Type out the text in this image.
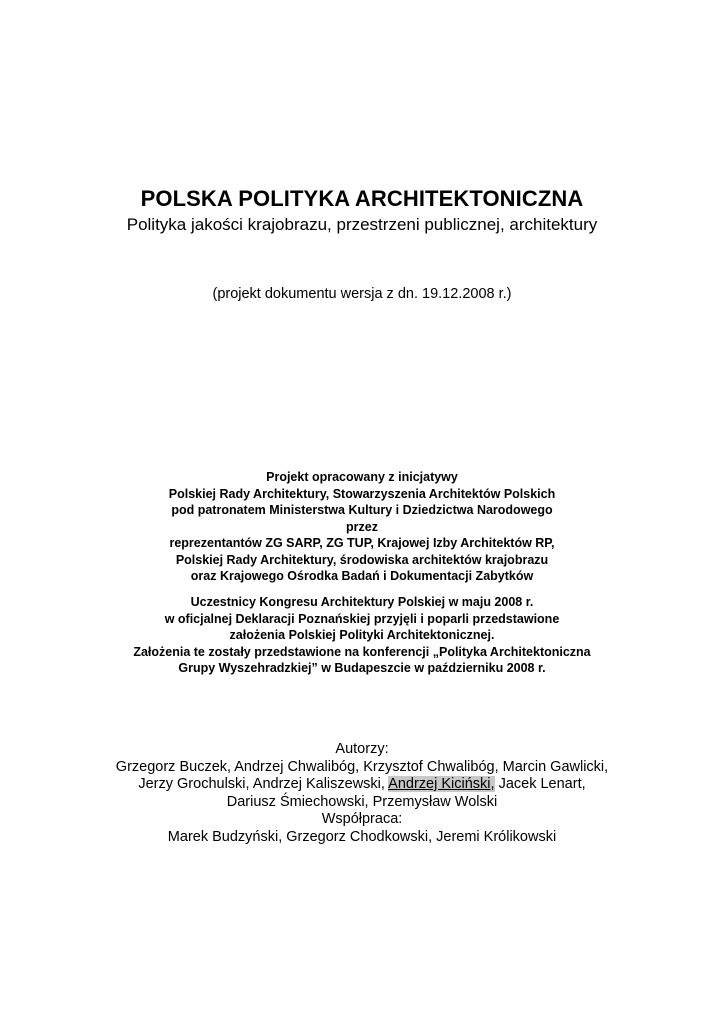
POLSKA POLITYKA ARCHITEKTONICZNA
Polityka jakości krajobrazu, przestrzeni publicznej, architektury
(projekt dokumentu wersja z dn. 19.12.2008 r.)
Projekt opracowany z inicjatywy
Polskiej Rady Architektury, Stowarzyszenia Architektów Polskich
pod patronatem Ministerstwa Kultury i Dziedzictwa Narodowego
przez
reprezentantów ZG SARP, ZG TUP, Krajowej Izby Architektów RP,
Polskiej Rady Architektury, środowiska architektów krajobrazu
oraz Krajowego Ośrodka Badań i Dokumentacji Zabytków
Uczestnicy Kongresu Architektury Polskiej w maju 2008 r.
w oficjalnej Deklaracji Poznańskiej przyjęli i poparli przedstawione
założenia Polskiej Polityki Architektonicznej.
Założenia te zostały przedstawione na konferencji „Polityka Architektoniczna
Grupy Wyszehradzkiej” w Budapeszcie w październiku 2008 r.
Autorzy:
Grzegorz Buczek, Andrzej Chwalibóg, Krzysztof Chwalibóg, Marcin Gawlicki,
Jerzy Grochulski, Andrzej Kaliszewski, Andrzej Kiciński, Jacek Lenart,
Dariusz Śmiechowski, Przemysław Wolski
Współpraca:
Marek Budzyński, Grzegorz Chodkowski, Jeremi Królikowski
